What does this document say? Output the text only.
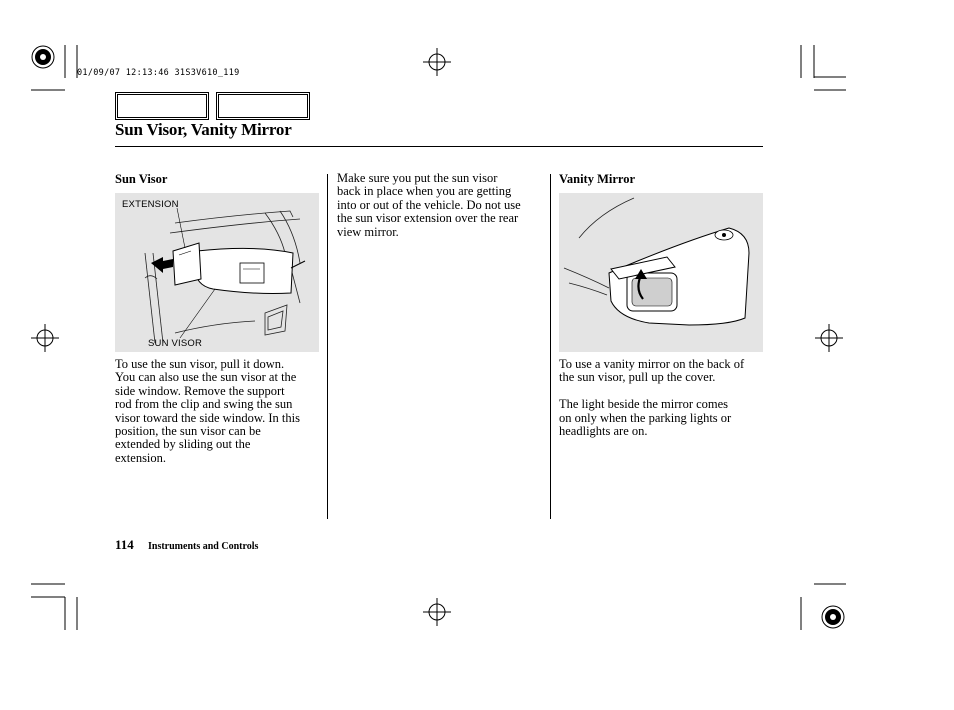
01/09/07 12:13:46 31S3V610_119
Sun Visor, Vanity Mirror
Sun Visor
EXTENSION
SUN VISOR
To use the sun visor, pull it down.
You can also use the sun visor at the
side window. Remove the support
rod from the clip and swing the sun
visor toward the side window. In this
position, the sun visor can be
extended by sliding out the
extension.
Make sure you put the sun visor
back in place when you are getting
into or out of the vehicle. Do not use
the sun visor extension over the rear
view mirror.
Vanity Mirror
To use a vanity mirror on the back of
the sun visor, pull up the cover.
The light beside the mirror comes
on only when the parking lights or
headlights are on.
114 Instruments and Controls
